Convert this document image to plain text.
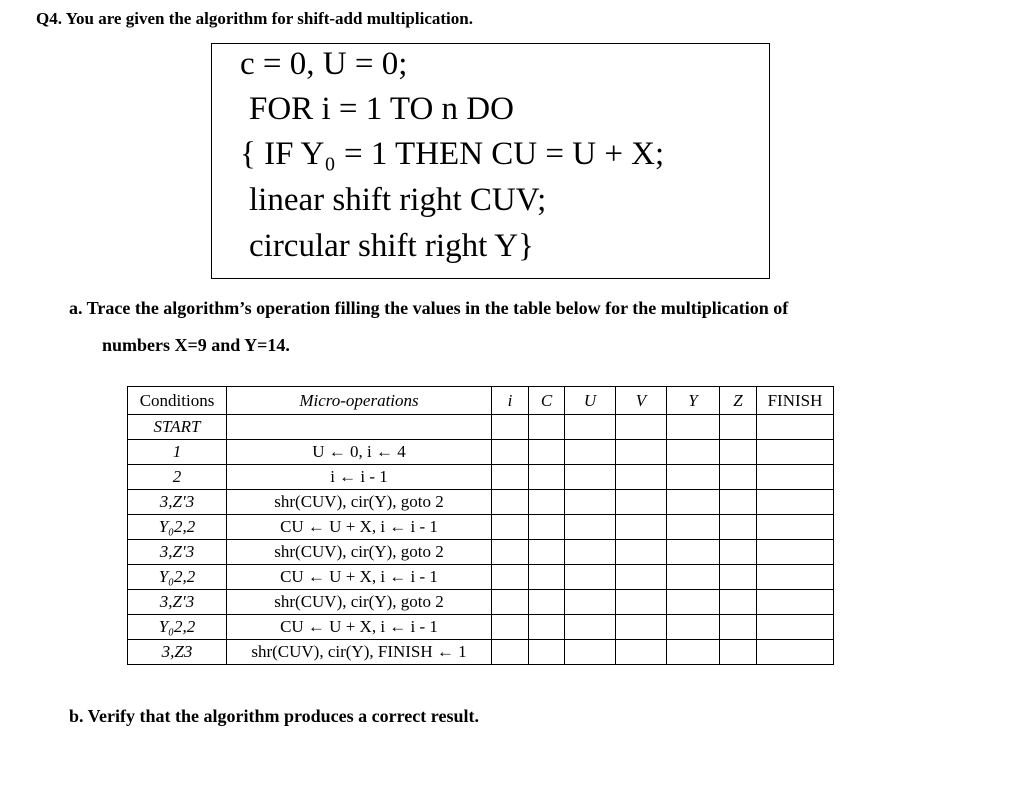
Q4. You are given the algorithm for shift-add multiplication.
c = 0, U = 0;
FOR i = 1 TO n DO
{ IF Y₀ = 1 THEN CU = U + X;
linear shift right CUV;
circular shift right Y}
a. Trace the algorithm’s operation filling the values in the table below for the multiplication of
numbers X=9 and Y=14.
Conditions	Micro-operations	i	C	U	V	Y	Z	FINISH
START								
1	U ← 0, i ← 4							
2	i ← i - 1							
3,Z′3	shr(CUV), cir(Y), goto 2							
Y₀2,2	CU ← U + X, i ← i - 1							
3,Z′3	shr(CUV), cir(Y), goto 2							
Y₀2,2	CU ← U + X, i ← i - 1							
3,Z′3	shr(CUV), cir(Y), goto 2							
Y₀2,2	CU ← U + X, i ← i - 1							
3,Z3	shr(CUV), cir(Y), FINISH ← 1							
b. Verify that the algorithm produces a correct result.
